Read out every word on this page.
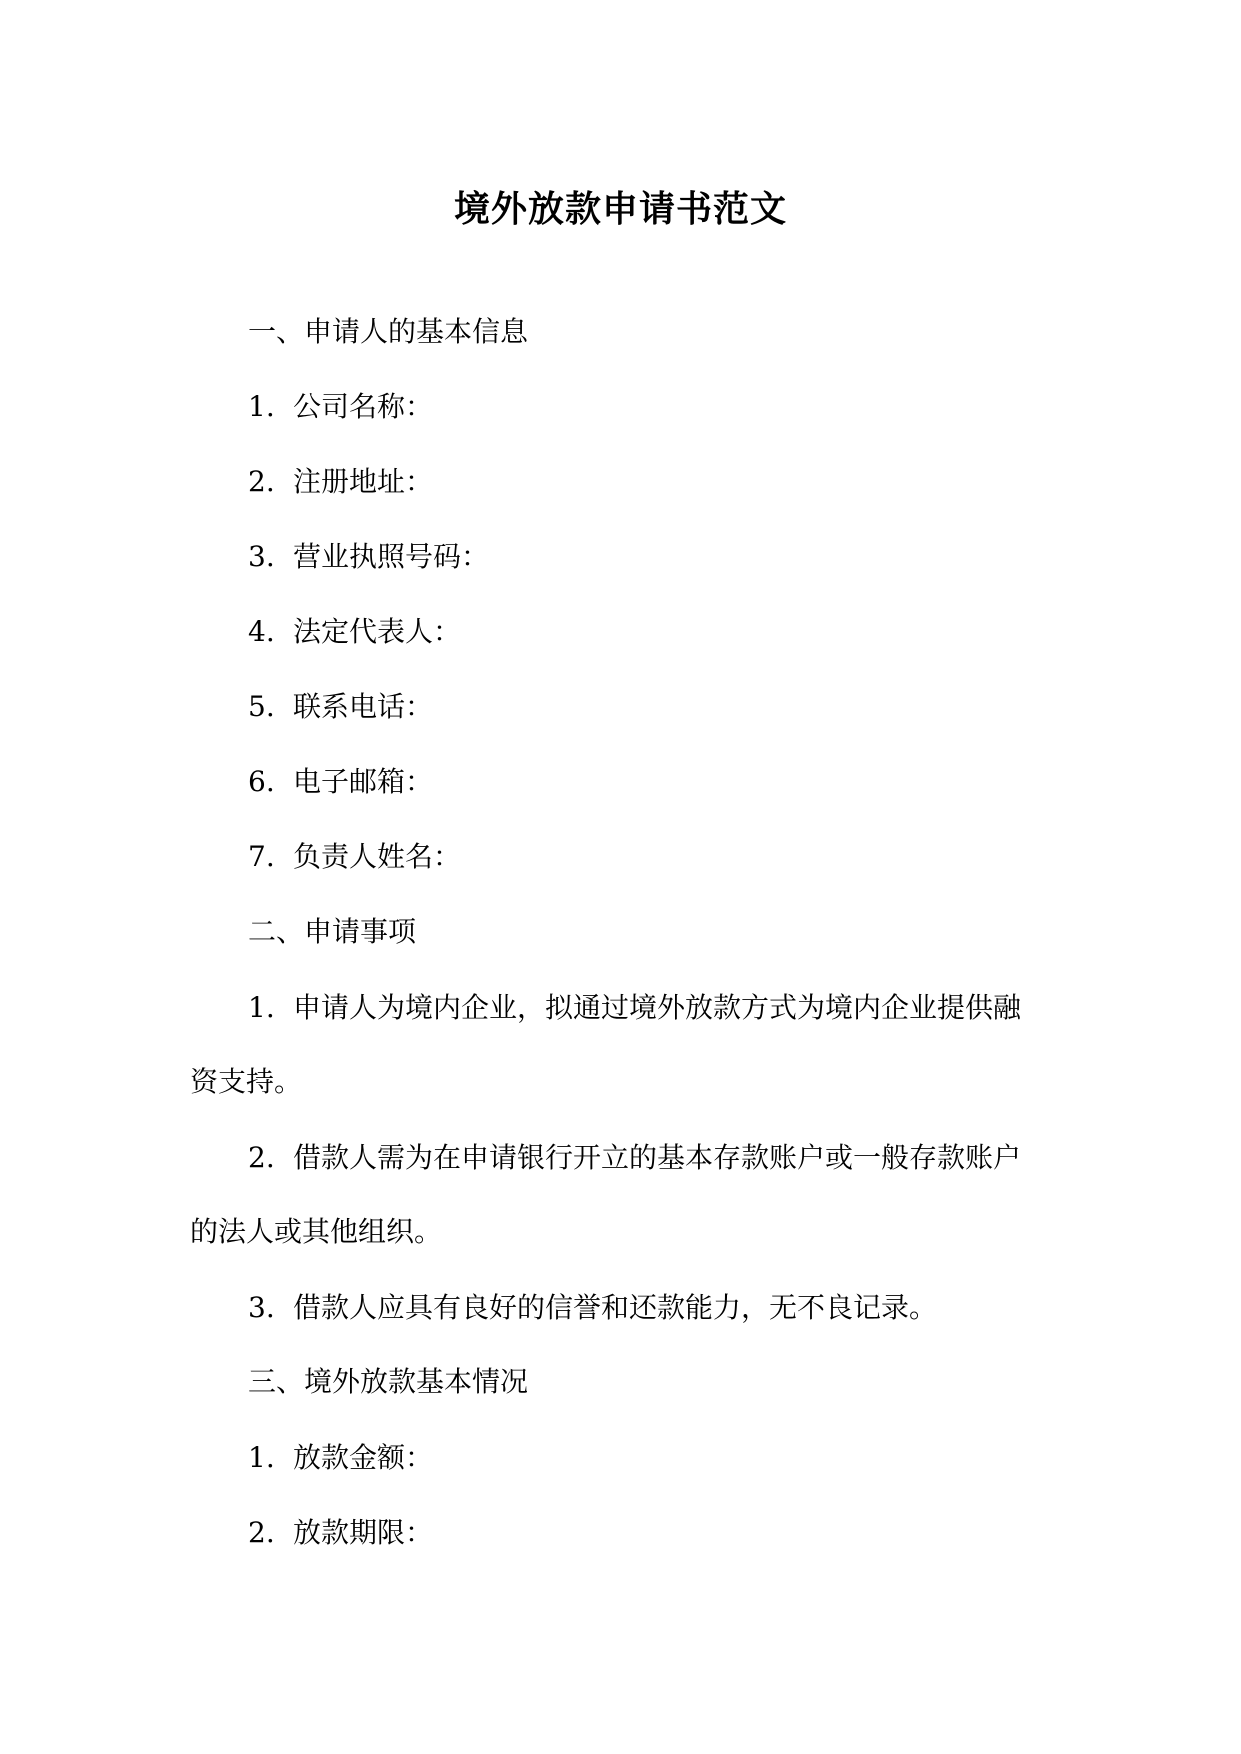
境外放款申请书范文
一、申请人的基本信息
1. 公司名称：
2. 注册地址：
3. 营业执照号码：
4. 法定代表人：
5. 联系电话：
6. 电子邮箱：
7. 负责人姓名：
二、申请事项
1. 申请人为境内企业，拟通过境外放款方式为境内企业提供融
资支持。
2. 借款人需为在申请银行开立的基本存款账户或一般存款账户
的法人或其他组织。
3. 借款人应具有良好的信誉和还款能力，无不良记录。
三、境外放款基本情况
1. 放款金额：
2. 放款期限：
